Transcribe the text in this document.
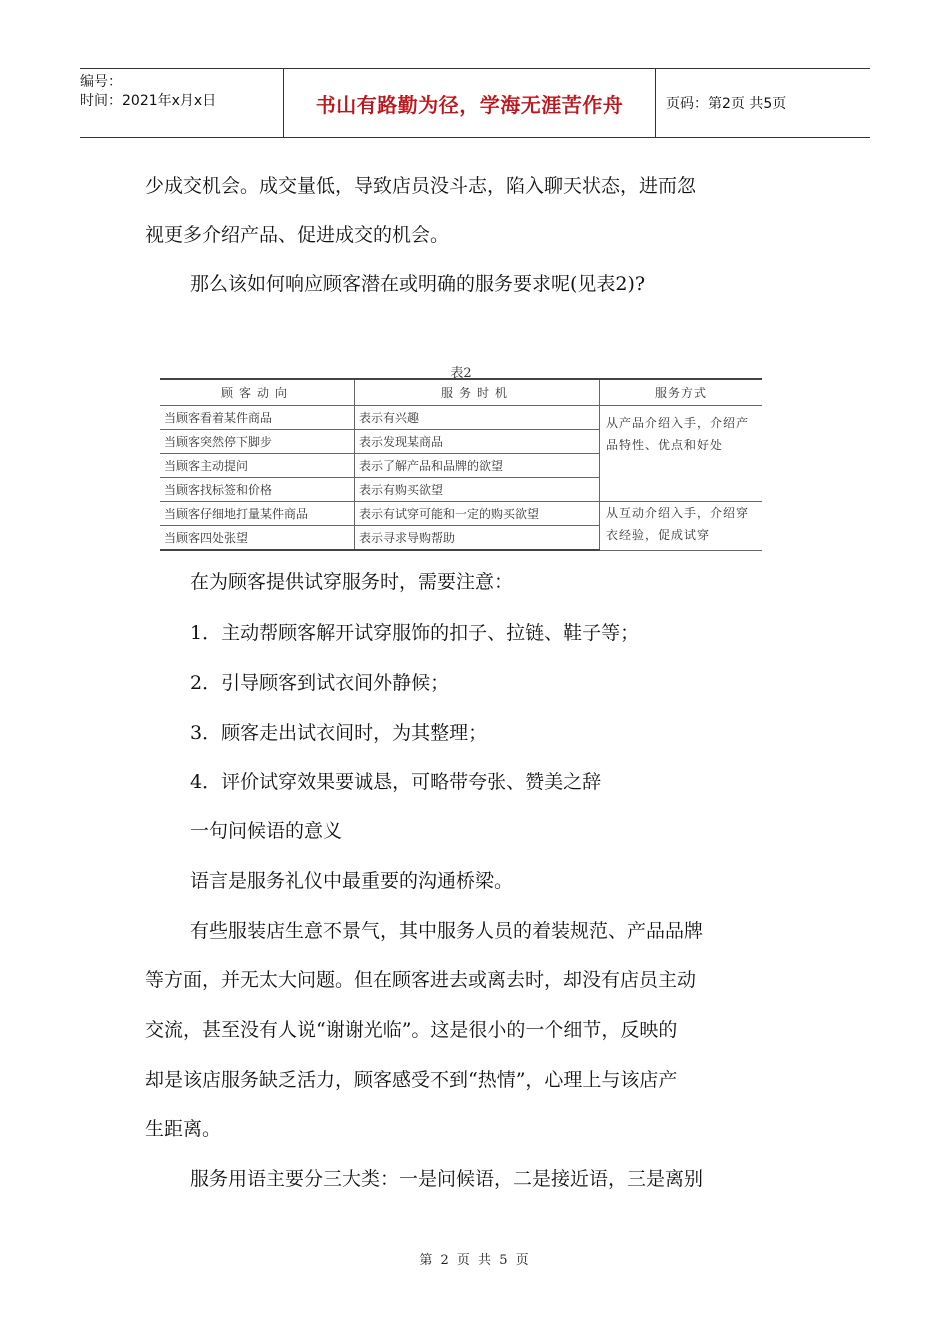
编号：
时间：2021年x月x日	书山有路勤为径，学海无涯苦作舟	页码：第2页 共5页
少成交机会。成交量低，导致店员没斗志，陷入聊天状态，进而忽
视更多介绍产品、促进成交的机会。
那么该如何响应顾客潜在或明确的服务要求呢(见表2)?
表2
顾客动向	服务时机	服务方式
当顾客看着某件商品	表示有兴趣	从产品介绍入手，介绍产品特性、优点和好处
当顾客突然停下脚步	表示发现某商品	
当顾客主动提问	表示了解产品和品牌的欲望	
当顾客找标签和价格	表示有购买欲望	
当顾客仔细地打量某件商品	表示有试穿可能和一定的购买欲望	从互动介绍入手，介绍穿衣经验，促成试穿
当顾客四处张望	表示寻求导购帮助	
在为顾客提供试穿服务时，需要注意：
1．主动帮顾客解开试穿服饰的扣子、拉链、鞋子等；
2．引导顾客到试衣间外静候；
3．顾客走出试衣间时，为其整理；
4．评价试穿效果要诚恳，可略带夸张、赞美之辞
一句问候语的意义
语言是服务礼仪中最重要的沟通桥梁。
有些服装店生意不景气，其中服务人员的着装规范、产品品牌
等方面，并无太大问题。但在顾客进去或离去时，却没有店员主动
交流，甚至没有人说“谢谢光临”。这是很小的一个细节，反映的
却是该店服务缺乏活力，顾客感受不到“热情”，心理上与该店产
生距离。
服务用语主要分三大类：一是问候语，二是接近语，三是离别
第 2 页 共 5 页
